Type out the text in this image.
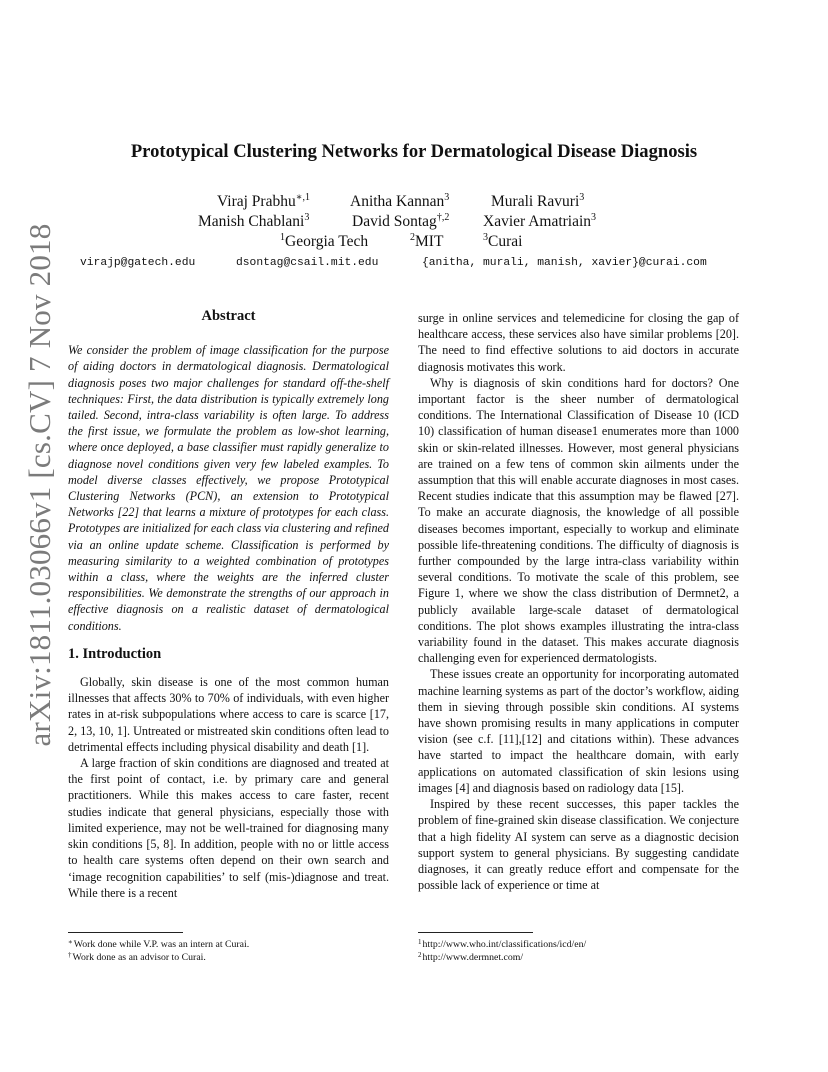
arXiv:1811.03066v1 [cs.CV] 7 Nov 2018
Prototypical Clustering Networks for Dermatological Disease Diagnosis
Viraj Prabhu$^{∗,1}$	Anitha Kannan$^3$	Murali Ravuri$^3$
Manish Chablani$^3$	David Sontag$^{\dagger,2}$ Xavier Amatriain$^3$
$^1$Georgia Tech	$^2$MIT	$^3$Curai
virajp@gatech.edu	dsontag@csail.mit.edu	{anitha, murali, manish, xavier}@curai.com
Abstract

We consider the problem of image classification for the purpose of aiding doctors in dermatological diagnosis. Dermatological diagnosis poses two major challenges for standard off-the-shelf techniques: First, the data distribution is typically extremely long tailed. Second, intra-class variability is often large. To address the first issue, we formulate the problem as low-shot learning, where once deployed, a base classifier must rapidly generalize to diagnose novel conditions given very few labeled examples. To model diverse classes effectively, we propose Prototypical Clustering Networks (PCN), an extension to Prototypical Networks [22] that learns a mixture of prototypes for each class. Prototypes are initialized for each class via clustering and refined via an online update scheme. Classification is performed by measuring similarity to a weighted combination of prototypes within a class, where the weights are the inferred cluster responsibilities. We demonstrate the strengths of our approach in effective diagnosis on a realistic dataset of dermatological conditions.

1. Introduction

Globally, skin disease is one of the most common human illnesses that affects 30% to 70% of individuals, with even higher rates in at-risk subpopulations where access to care is scarce [17, 2, 13, 10, 1]. Untreated or mistreated skin conditions often lead to detrimental effects including physical disability and death [1].

A large fraction of skin conditions are diagnosed and treated at the first point of contact, i.e. by primary care and general practitioners. While this makes access to care faster, recent studies indicate that general physicians, especially those with limited experience, may not be well-trained for diagnosing many skin conditions [5, 8]. In addition, people with no or little access to health care systems often depend on their own search and ‘image recognition capabilities’ to self (mis-)diagnose and treat. While there is a recent

surge in online services and telemedicine for closing the gap of healthcare access, these services also have similar problems [20]. The need to find effective solutions to aid doctors in accurate diagnosis motivates this work.

Why is diagnosis of skin conditions hard for doctors? One important factor is the sheer number of dermatological conditions. The International Classification of Disease 10 (ICD 10) classification of human disease1 enumerates more than 1000 skin or skin-related illnesses. However, most general physicians are trained on a few tens of common skin ailments under the assumption that this will enable accurate diagnoses in most cases. Recent studies indicate that this assumption may be flawed [27]. To make an accurate diagnosis, the knowledge of all possible diseases becomes important, especially to workup and eliminate possible life-threatening conditions. The difficulty of diagnosis is further compounded by the large intra-class variability within several conditions. To motivate the scale of this problem, see Figure 1, where we show the class distribution of Dermnet2, a publicly available large-scale dataset of dermatological conditions. The plot shows examples illustrating the intra-class variability found in the dataset. This makes accurate diagnosis challenging even for experienced dermatologists.

These issues create an opportunity for incorporating automated machine learning systems as part of the doctor’s workflow, aiding them in sieving through possible skin conditions. AI systems have shown promising results in many applications in computer vision (see c.f. [11],[12] and citations within). These advances have started to impact the healthcare domain, with early applications on automated classification of skin lesions using images [4] and diagnosis based on radiology data [15].

Inspired by these recent successes, this paper tackles the problem of fine-grained skin disease classification. We conjecture that a high fidelity AI system can serve as a diagnostic decision support system to general physicians. By suggesting candidate diagnoses, it can greatly reduce effort and compensate for the possible lack of experience or time at

∗Work done while V.P. was an intern at Curai.
†Work done as an advisor to Curai.
$^1$http://www.who.int/classifications/icd/en/
$^2$http://www.dermnet.com/
